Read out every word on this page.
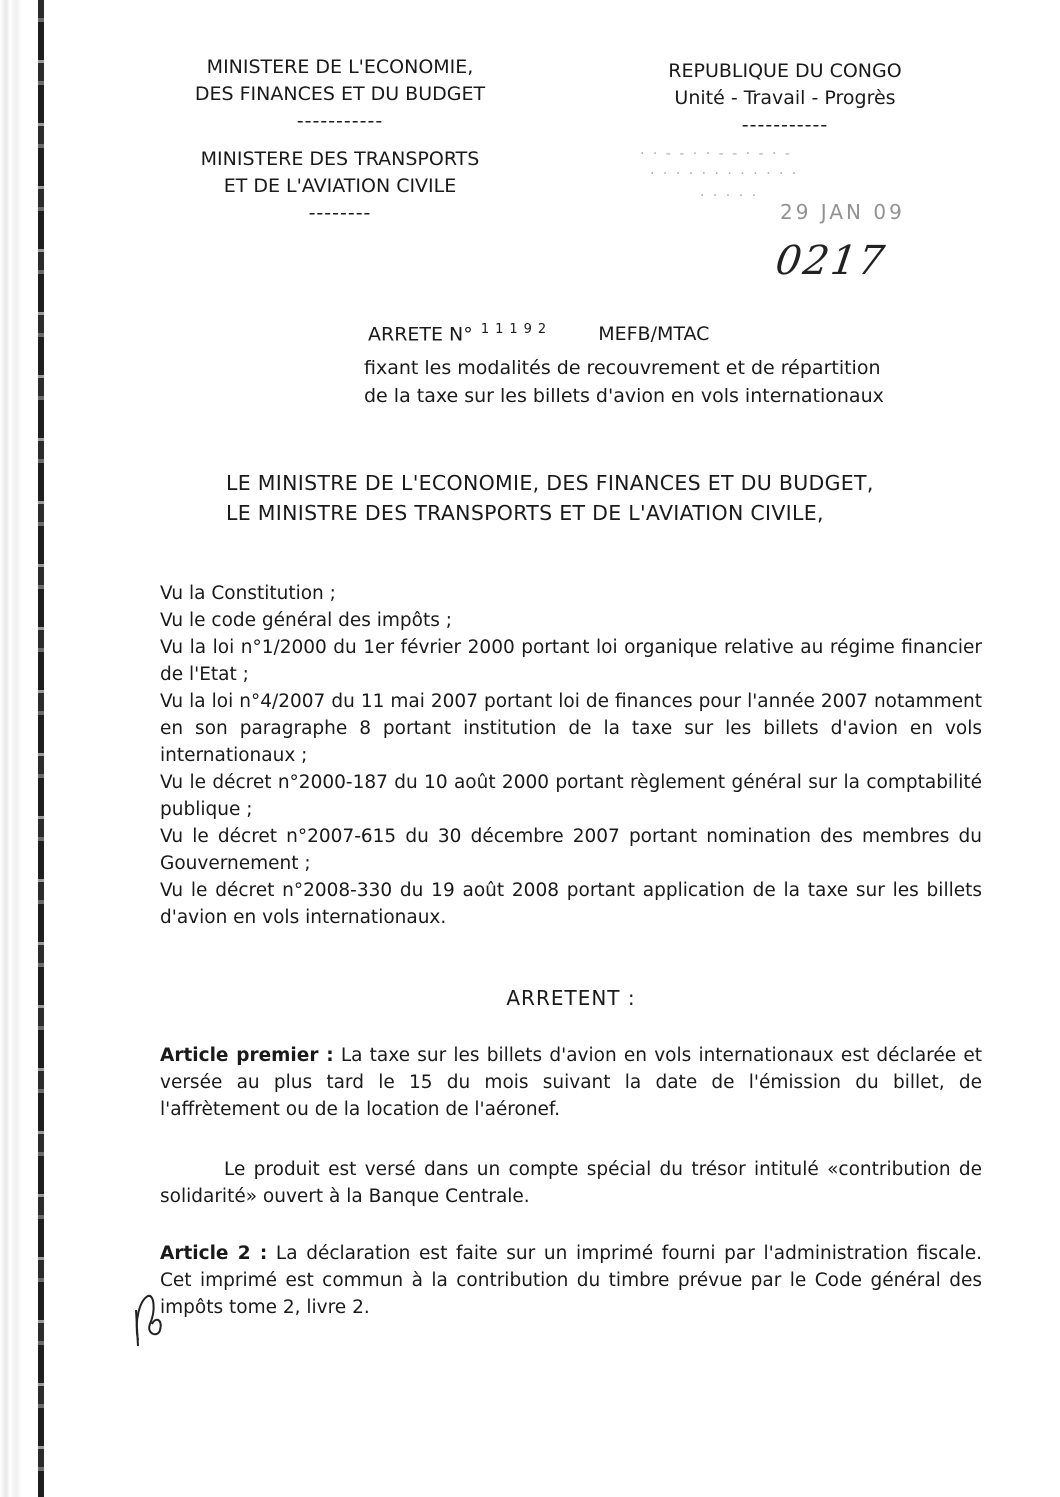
MINISTERE DE L'ECONOMIE,
DES FINANCES ET DU BUDGET
-----------
MINISTERE DES TRANSPORTS
ET DE L'AVIATION CIVILE
--------
REPUBLIQUE DU CONGO
Unité - Travail - Progrès
-----------
· · - - · · - - · - · -
· · · · · · · · · · · ·
· · · · ·
29 JAN 09
0217
ARRETE N° $^{11192}$ MEFB/MTAC
fixant les modalités de recouvrement et de répartition
de la taxe sur les billets d'avion en vols internationaux
LE MINISTRE DE L'ECONOMIE, DES FINANCES ET DU BUDGET,
LE MINISTRE DES TRANSPORTS ET DE L'AVIATION CIVILE,

Vu la Constitution ;

Vu le code général des impôts ;

Vu la loi n°1/2000 du 1er février 2000 portant loi organique relative au régime financier de l'Etat ;

Vu la loi n°4/2007 du 11 mai 2007 portant loi de finances pour l'année 2007 notamment en son paragraphe 8 portant institution de la taxe sur les billets d'avion en vols internationaux ;

Vu le décret n°2000-187 du 10 août 2000 portant règlement général sur la comptabilité publique ;

Vu le décret n°2007-615 du 30 décembre 2007 portant nomination des membres du Gouvernement ;

Vu le décret n°2008-330 du 19 août 2008 portant application de la taxe sur les billets d'avion en vols internationaux.

ARRETENT :

Article premier : La taxe sur les billets d'avion en vols internationaux est déclarée et versée au plus tard le 15 du mois suivant la date de l'émission du billet, de l'affrètement ou de la location de l'aéronef.

Le produit est versé dans un compte spécial du trésor intitulé «contribution de solidarité» ouvert à la Banque Centrale.

Article 2 : La déclaration est faite sur un imprimé fourni par l'administration fiscale. Cet imprimé est commun à la contribution du timbre prévue par le Code général des impôts tome 2, livre 2.
